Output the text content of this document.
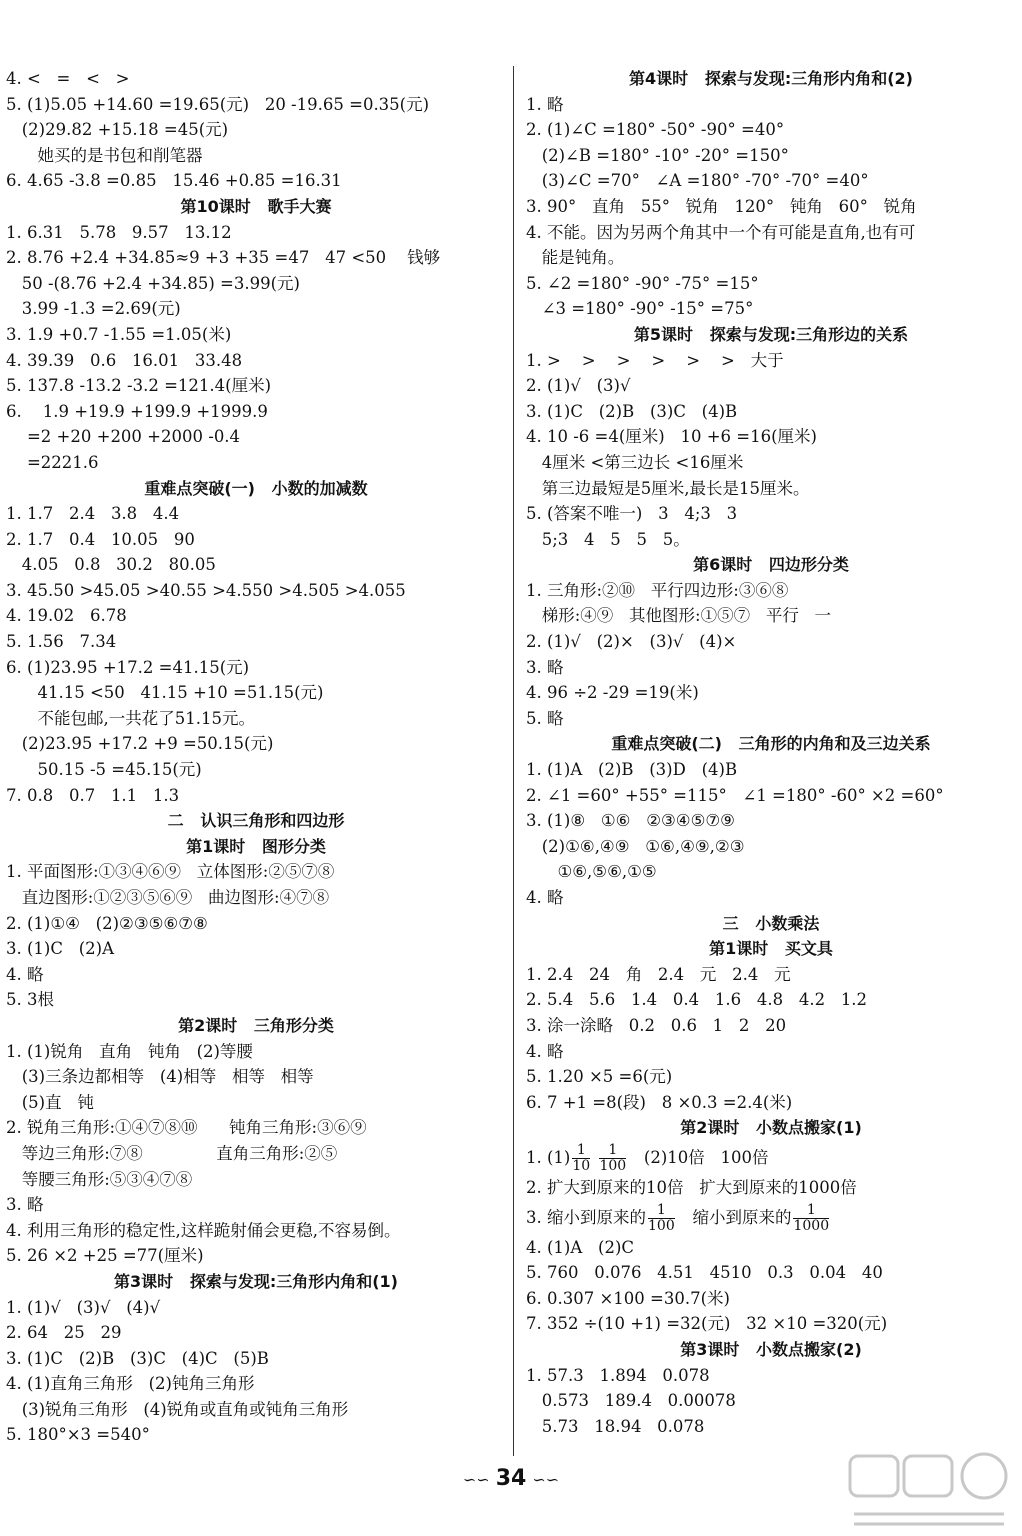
4. <   =   <   >
5. (1)5.05 +14.60 =19.65(元)   20 -19.65 =0.35(元)
(2)29.82 +15.18 =45(元)
她买的是书包和削笔器
6. 4.65 -3.8 =0.85   15.46 +0.85 =16.31
第10课时   歌手大赛
1. 6.31   5.78   9.57   13.12
2. 8.76 +2.4 +34.85≈9 +3 +35 =47   47 <50    钱够
50 -(8.76 +2.4 +34.85) =3.99(元)
3.99 -1.3 =2.69(元)
3. 1.9 +0.7 -1.55 =1.05(米)
4. 39.39   0.6   16.01   33.48
5. 137.8 -13.2 -3.2 =121.4(厘米)
6.    1.9 +19.9 +199.9 +1999.9
=2 +20 +200 +2000 -0.4
=2221.6
重难点突破(一)   小数的加减数
1. 1.7   2.4   3.8   4.4
2. 1.7   0.4   10.05   90
4.05   0.8   30.2   80.05
3. 45.50 >45.05 >40.55 >4.550 >4.505 >4.055
4. 19.02   6.78
5. 1.56   7.34
6. (1)23.95 +17.2 =41.15(元)
41.15 <50   41.15 +10 =51.15(元)
不能包邮,一共花了51.15元。
(2)23.95 +17.2 +9 =50.15(元)
50.15 -5 =45.15(元)
7. 0.8   0.7   1.1   1.3
二   认识三角形和四边形
第1课时   图形分类
1. 平面图形:①③④⑥⑨   立体图形:②⑤⑦⑧
直边图形:①②③⑤⑥⑨   曲边图形:④⑦⑧
2. (1)①④   (2)②③⑤⑥⑦⑧
3. (1)C   (2)A
4. 略
5. 3根
第2课时   三角形分类
1. (1)锐角   直角   钝角   (2)等腰
(3)三条边都相等   (4)相等   相等   相等
(5)直   钝
2. 锐角三角形:①④⑦⑧⑩      钝角三角形:③⑥⑨
等边三角形:⑦⑧              直角三角形:②⑤
等腰三角形:⑤③④⑦⑧
3. 略
4. 利用三角形的稳定性,这样跪射俑会更稳,不容易倒。
5. 26 ×2 +25 =77(厘米)
第3课时   探索与发现:三角形内角和(1)
1. (1)√   (3)√   (4)√
2. 64   25   29
3. (1)C   (2)B   (3)C   (4)C   (5)B
4. (1)直角三角形   (2)钝角三角形
(3)锐角三角形   (4)锐角或直角或钝角三角形
5. 180°×3 =540°
第4课时   探索与发现:三角形内角和(2)
1. 略
2. (1)∠C =180° -50° -90° =40°
(2)∠B =180° -10° -20° =150°
(3)∠C =70°   ∠A =180° -70° -70° =40°
3. 90°   直角   55°   锐角   120°   钝角   60°   锐角
4. 不能。因为另两个角其中一个有可能是直角,也有可
能是钝角。
5. ∠2 =180° -90° -75° =15°
∠3 =180° -90° -15° =75°
第5课时   探索与发现:三角形边的关系
1. >    >    >    >    >    >   大于
2. (1)√   (3)√
3. (1)C   (2)B   (3)C   (4)B
4. 10 -6 =4(厘米)   10 +6 =16(厘米)
4厘米 <第三边长 <16厘米
第三边最短是5厘米,最长是15厘米。
5. (答案不唯一)   3   4;3   3
5;3   4   5   5   5。
第6课时   四边形分类
1. 三角形:②⑩   平行四边形:③⑥⑧
梯形:④⑨   其他图形:①⑤⑦   平行   一
2. (1)√   (2)×   (3)√   (4)×
3. 略
4. 96 ÷2 -29 =19(米)
5. 略
重难点突破(二)   三角形的内角和及三边关系
1. (1)A   (2)B   (3)D   (4)B
2. ∠1 =60° +55° =115°   ∠1 =180° -60° ×2 =60°
3. (1)⑧   ①⑥   ②③④⑤⑦⑨
(2)①⑥,④⑨   ①⑥,④⑨,②③
①⑥,⑤⑥,①⑤
4. 略
三   小数乘法
第1课时   买文具
1. 2.4   24   角   2.4   元   2.4   元
2. 5.4   5.6   1.4   0.4   1.6   4.8   4.2   1.2
3. 涂一涂略   0.2   0.6   1   2   20
4. 略
5. 1.20 ×5 =6(元)
6. 7 +1 =8(段)   8 ×0.3 =2.4(米)
第2课时   小数点搬家(1)
1. $(1) \frac{1}{10}$
$\frac{1}{100} (2)10$倍   100倍
2. 扩大到原来的10倍   扩大到原来的1000倍
3. 缩小到原来的 $\frac{1}{100}$ 缩小到原来的 $\frac{1}{1000}$
4. (1)A   (2)C
5. 760   0.076   4.51   4510   0.3   0.04   40
6. 0.307 ×100 =30.7(米)
7. 352 ÷(10 +1) =32(元)   32 ×10 =320(元)
第3课时   小数点搬家(2)
1. 57.3   1.894   0.078
0.573   189.4   0.00078
5.73   18.94   0.078
∽∽ 34 ∽∽
